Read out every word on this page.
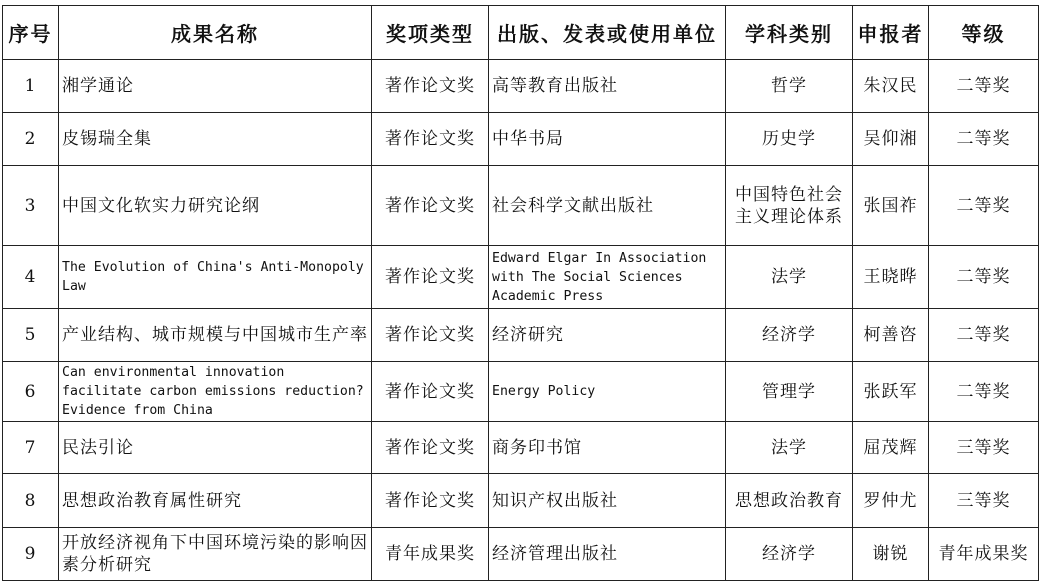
序号	成果名称	奖项类型	出版、发表或使用单位	学科类别	申报者	等级
1	湘学通论	著作论文奖	高等教育出版社	哲学	朱汉民	二等奖
2	皮锡瑞全集	著作论文奖	中华书局	历史学	吴仰湘	二等奖
3	中国文化软实力研究论纲	著作论文奖	社会科学文献出版社	中国特色社会主义理论体系	张国祚	二等奖
4	The Evolution of China's Anti-Monopoly Law	著作论文奖	Edward Elgar In Association with The Social Sciences Academic Press	法学	王晓晔	二等奖
5	产业结构、城市规模与中国城市生产率	著作论文奖	经济研究	经济学	柯善咨	二等奖
6	Can environmental innovation facilitate carbon emissions reduction? Evidence from China	著作论文奖	Energy Policy	管理学	张跃军	二等奖
7	民法引论	著作论文奖	商务印书馆	法学	屈茂辉	三等奖
8	思想政治教育属性研究	著作论文奖	知识产权出版社	思想政治教育	罗仲尤	三等奖
9	开放经济视角下中国环境污染的影响因素分析研究	青年成果奖	经济管理出版社	经济学	谢锐	青年成果奖
